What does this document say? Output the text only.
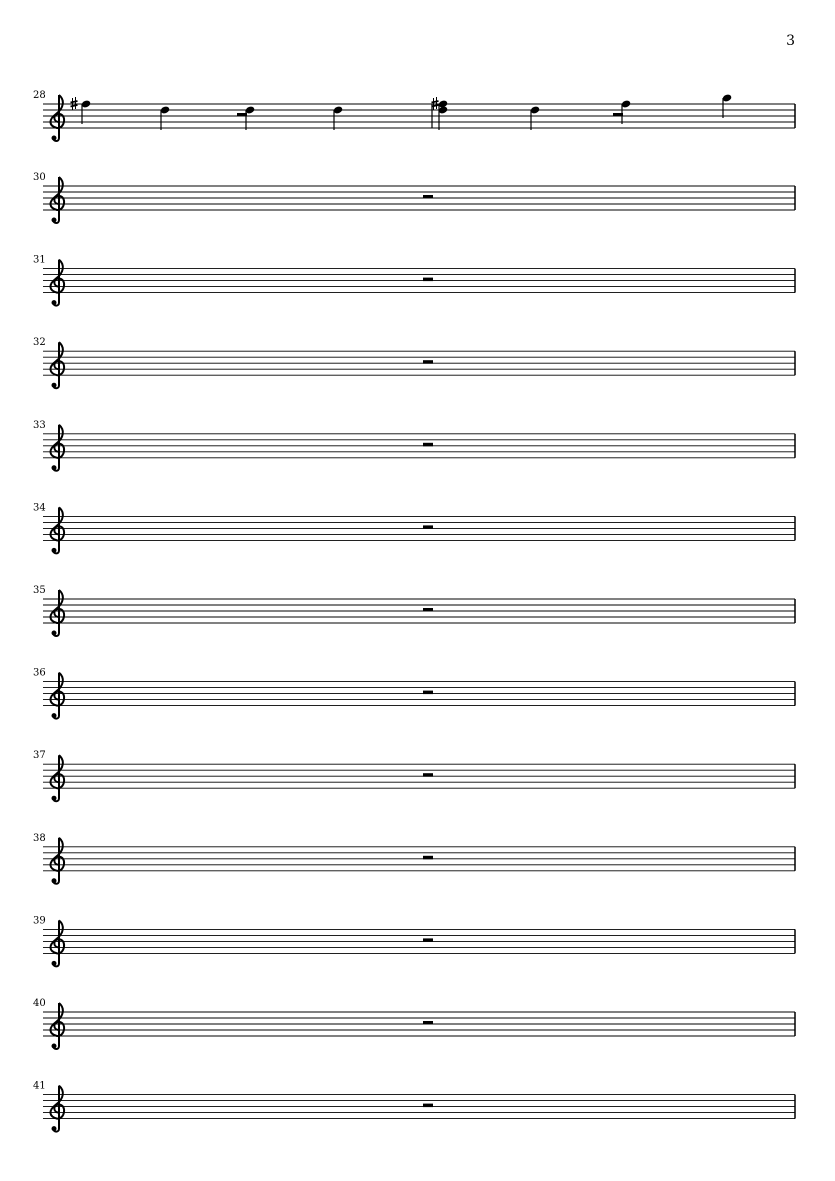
3
28
30
31
32
33
34
35
36
37
38
39
40
41
